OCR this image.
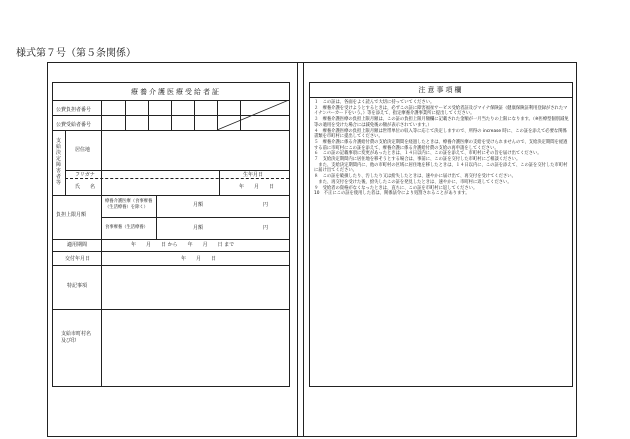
様式第７号（第５条関係）
療養介護医療受給者証
公費負担者番号
公費受給者番号
支給決定障害者等
居住地
フリガナ	生年月日
氏　　名	年　　月　　日
負担上限月額
療養介護医療（食事療養（生活療養）を除く）	月額	円
食事療養（生活療養）	月額	円
適用期間	年　　月　　日 から　　年　　月　　日 まで
交付年月日	年　　月　　日
特記事項
支給市町村名及び印
注意事項欄
１　この証は、各面をよく読んで大切に持っていてください。
２　療養介護を受けようとするときは、必ずこの証に障害福祉サービス受給者証及びマイナ保険証（健康保険証利用登録がされたマイナンバーカードをいう。）等を添えて、指定療養介護事業所に提出してください。
３　療養介護医療の負担上限月額は、この証の負担上限月額欄に記載された金額が一月当たりの上限になります。（※医療型個別減免等の適用を受けた場合には減免後の額が表示されています。）
４　療養介護医療の負担上限月額は世帯単位の収入等に応じて決定しますので、所得の increase 時に、この証を添えて必要な関係書類を市町村に提出してください。
５　療養介護に係る介護給付費の支給決定期間を経過したときは、療養介護医療の支給を受けられませんので、支給決定期間を経過する前に市町村にこの証を添えて、療養介護に係る介護給付費の支給の再申請をしてください。
６　この証の記載事項に変更があったときは、１４日以内に、この証を添えて、市町村にその旨を届け出てください。
７　支給決定期間内に居住地を移そうとする場合は、事前に、この証を交付した市町村にご相談ください。
　また、支給決定期間内に、他の市町村の区域に居住地を移したときは、１４日以内に、この証を添えて、この証を交付した市町村に届け出てください。
８　この証を破損したり、汚したり又は紛失したときは、速やかに届け出て、再交付を受けてください。
　また、再交付を受けた後、紛失したこの証を発見したときは、速やかに、市町村に返してください。
９　受給者の資格がなくなったときは、直ちに、この証を市町村に返してください。
10　不正にこの証を使用した者は、関係法令により処罰されることがあります。
